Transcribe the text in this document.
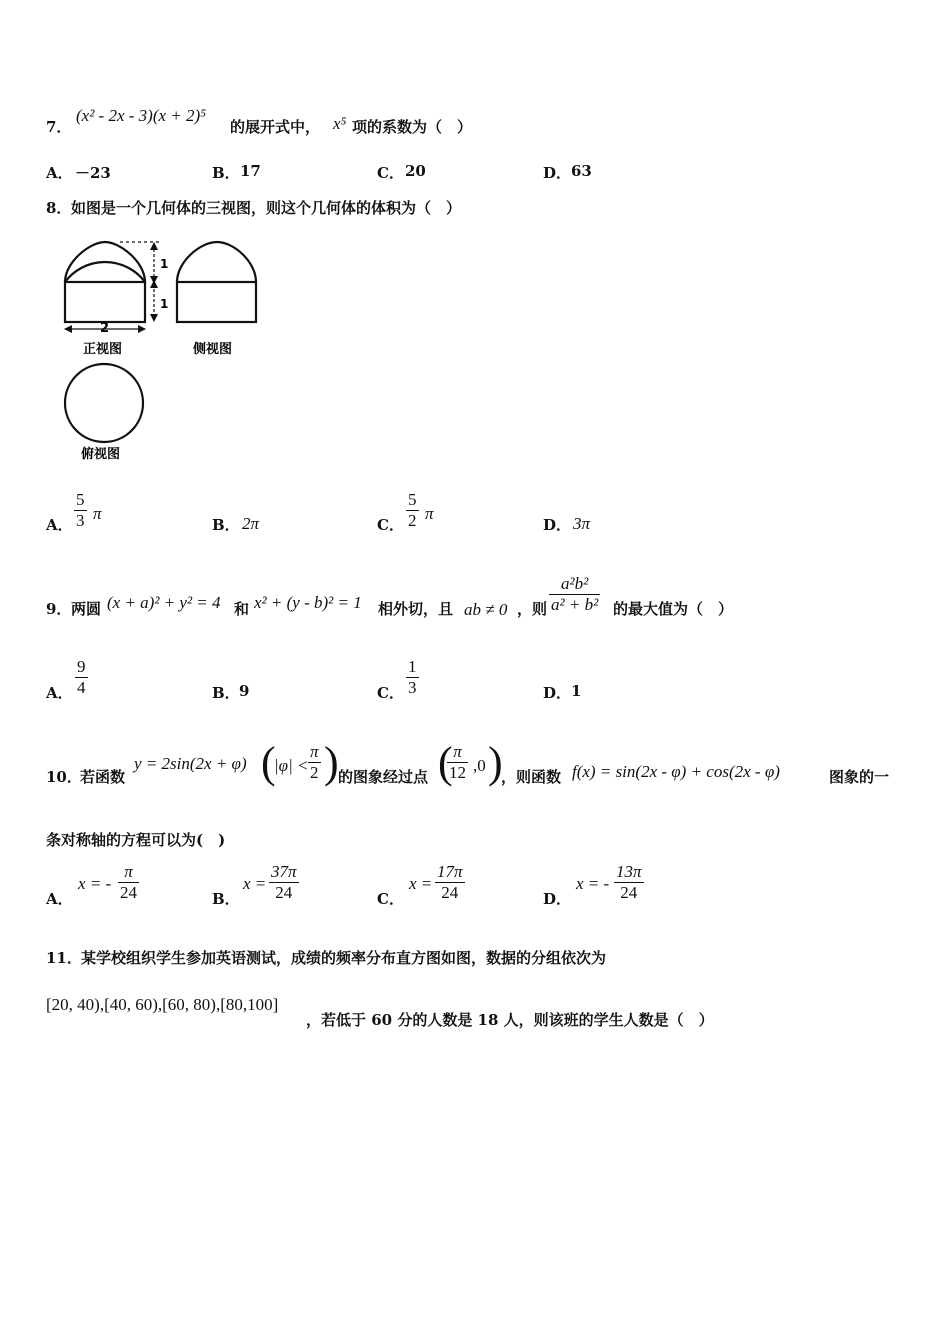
7．
(x² - 2x - 3)(x + 2)⁵
的展开式中， x⁵ 项的系数为（　）
A． －23	B． 17	C． 20	D． 63
8． 如图是一个几何体的三视图，则这个几何体的体积为（　）
1
1
2
正视图	侧视图
俯视图
A．
5
3 π
B． 2π	C．
5
2 π
D． 3π
9． 两圆 (x + a)² + y² = 4 和 x² + (y - b)² = 1 相外切，且 ab ≠ 0 ，则
a²b²
a² + b² 的最大值为（　）
A．
9
4	B． 9	C．
1
3	D． 1
10．
若函数
y = 2sin(2x + φ) (
|φ| <
π
2 ) 的图象经过点 ( π
12 ,0 )
，则函数 f(x) = sin(2x - φ) + cos(2x - φ)	图象的一
条对称轴的方程可以为(　)
A．
x = -
π
24	B．
x =
37π
24	C．
x =
17π
24	D．
x = -
13π
24
11． 某学校组织学生参加英语测试，成绩的频率分布直方图如图，数据的分组依次为
[20, 40),[40, 60),[60, 80),[80,100]
，若低于 60 分的人数是 18 人，则该班的学生人数是（　）
